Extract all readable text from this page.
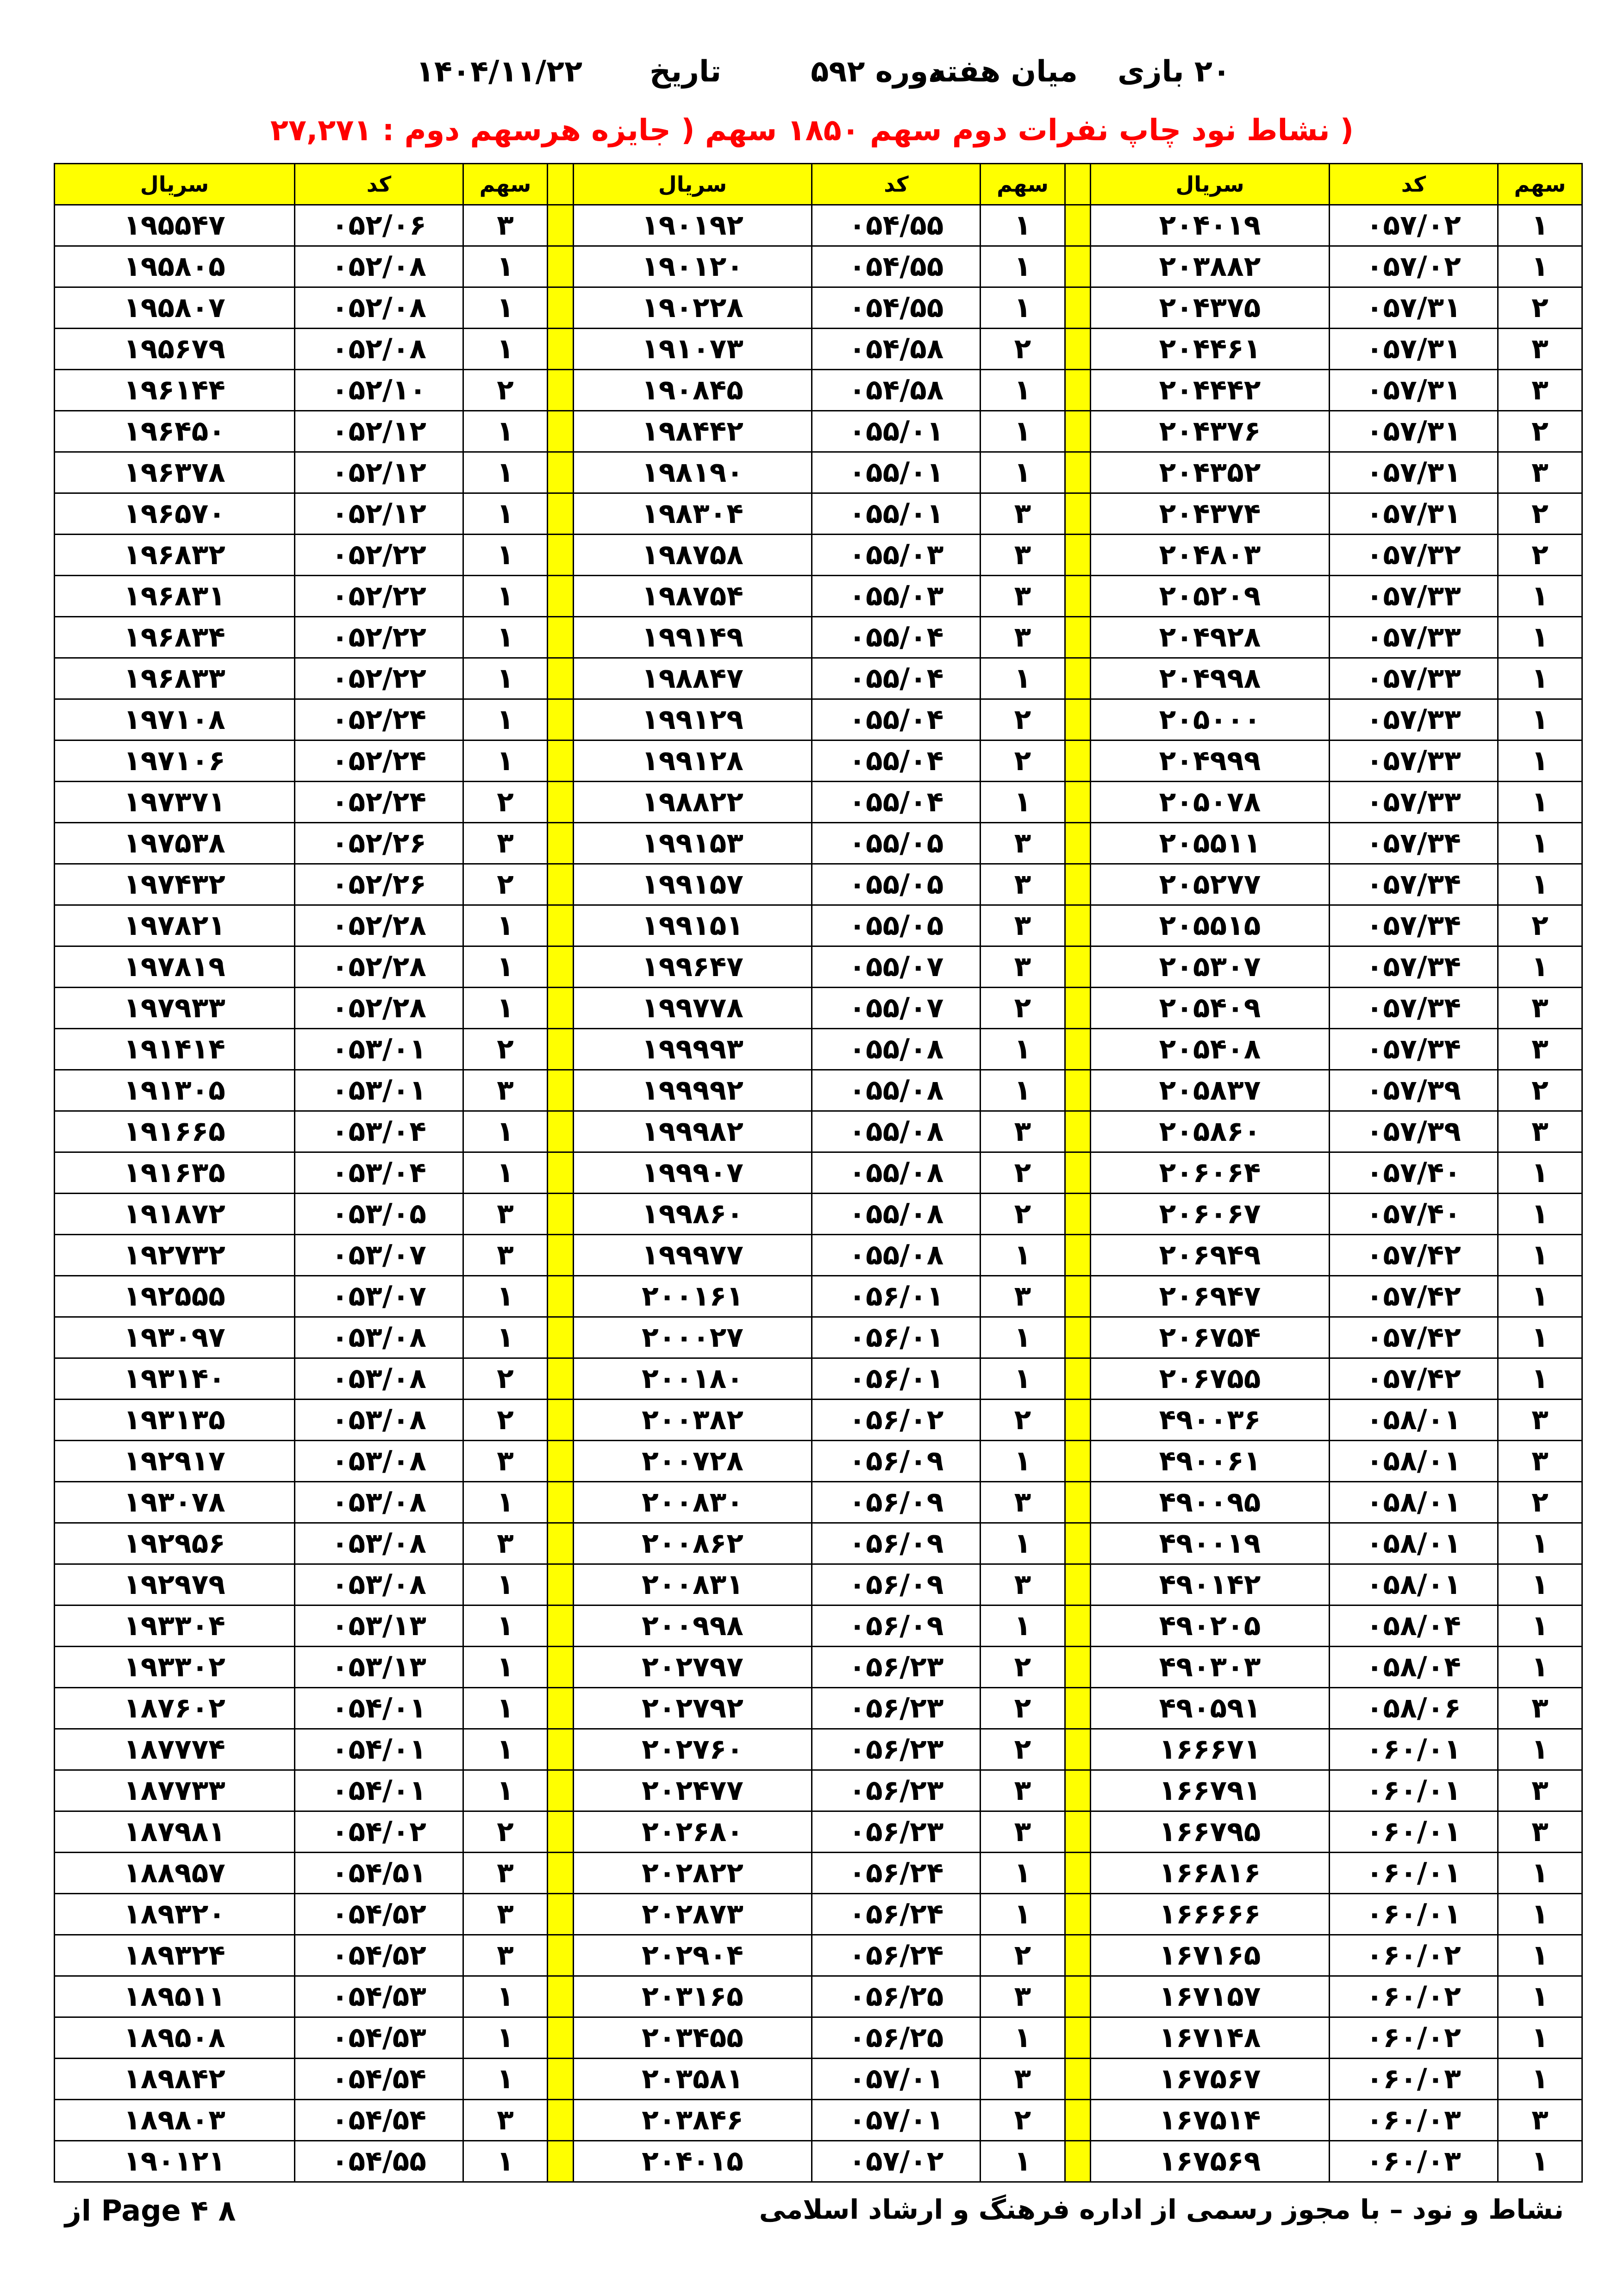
۲۰ بازی
میان هفته
دوره ۵۹۲
تاریخ
۱۴۰۴/۱۱/۲۲
( نشاط نود چاپ نفرات دوم سهم ۱۸۵۰ سهم ( جایزه هرسهم دوم : ۲۷,۲۷۱
سهم	کد	سریال		سهم	کد	سریال		سهم	کد	سریال
۱	۰۵۷/۰۲	۲۰۴۰۱۹		۱	۰۵۴/۵۵	۱۹۰۱۹۲		۳	۰۵۲/۰۶	۱۹۵۵۴۷
۱	۰۵۷/۰۲	۲۰۳۸۸۲		۱	۰۵۴/۵۵	۱۹۰۱۲۰		۱	۰۵۲/۰۸	۱۹۵۸۰۵
۲	۰۵۷/۳۱	۲۰۴۳۷۵		۱	۰۵۴/۵۵	۱۹۰۲۲۸		۱	۰۵۲/۰۸	۱۹۵۸۰۷
۳	۰۵۷/۳۱	۲۰۴۴۶۱		۲	۰۵۴/۵۸	۱۹۱۰۷۳		۱	۰۵۲/۰۸	۱۹۵۶۷۹
۳	۰۵۷/۳۱	۲۰۴۴۴۲		۱	۰۵۴/۵۸	۱۹۰۸۴۵		۲	۰۵۲/۱۰	۱۹۶۱۴۴
۲	۰۵۷/۳۱	۲۰۴۳۷۶		۱	۰۵۵/۰۱	۱۹۸۴۴۲		۱	۰۵۲/۱۲	۱۹۶۴۵۰
۳	۰۵۷/۳۱	۲۰۴۳۵۲		۱	۰۵۵/۰۱	۱۹۸۱۹۰		۱	۰۵۲/۱۲	۱۹۶۳۷۸
۲	۰۵۷/۳۱	۲۰۴۳۷۴		۳	۰۵۵/۰۱	۱۹۸۳۰۴		۱	۰۵۲/۱۲	۱۹۶۵۷۰
۲	۰۵۷/۳۲	۲۰۴۸۰۳		۳	۰۵۵/۰۳	۱۹۸۷۵۸		۱	۰۵۲/۲۲	۱۹۶۸۳۲
۱	۰۵۷/۳۳	۲۰۵۲۰۹		۳	۰۵۵/۰۳	۱۹۸۷۵۴		۱	۰۵۲/۲۲	۱۹۶۸۳۱
۱	۰۵۷/۳۳	۲۰۴۹۲۸		۳	۰۵۵/۰۴	۱۹۹۱۴۹		۱	۰۵۲/۲۲	۱۹۶۸۳۴
۱	۰۵۷/۳۳	۲۰۴۹۹۸		۱	۰۵۵/۰۴	۱۹۸۸۴۷		۱	۰۵۲/۲۲	۱۹۶۸۳۳
۱	۰۵۷/۳۳	۲۰۵۰۰۰		۲	۰۵۵/۰۴	۱۹۹۱۲۹		۱	۰۵۲/۲۴	۱۹۷۱۰۸
۱	۰۵۷/۳۳	۲۰۴۹۹۹		۲	۰۵۵/۰۴	۱۹۹۱۲۸		۱	۰۵۲/۲۴	۱۹۷۱۰۶
۱	۰۵۷/۳۳	۲۰۵۰۷۸		۱	۰۵۵/۰۴	۱۹۸۸۲۲		۲	۰۵۲/۲۴	۱۹۷۳۷۱
۱	۰۵۷/۳۴	۲۰۵۵۱۱		۳	۰۵۵/۰۵	۱۹۹۱۵۳		۳	۰۵۲/۲۶	۱۹۷۵۳۸
۱	۰۵۷/۳۴	۲۰۵۲۷۷		۳	۰۵۵/۰۵	۱۹۹۱۵۷		۲	۰۵۲/۲۶	۱۹۷۴۳۲
۲	۰۵۷/۳۴	۲۰۵۵۱۵		۳	۰۵۵/۰۵	۱۹۹۱۵۱		۱	۰۵۲/۲۸	۱۹۷۸۲۱
۱	۰۵۷/۳۴	۲۰۵۳۰۷		۳	۰۵۵/۰۷	۱۹۹۶۴۷		۱	۰۵۲/۲۸	۱۹۷۸۱۹
۳	۰۵۷/۳۴	۲۰۵۴۰۹		۲	۰۵۵/۰۷	۱۹۹۷۷۸		۱	۰۵۲/۲۸	۱۹۷۹۳۳
۳	۰۵۷/۳۴	۲۰۵۴۰۸		۱	۰۵۵/۰۸	۱۹۹۹۹۳		۲	۰۵۳/۰۱	۱۹۱۴۱۴
۲	۰۵۷/۳۹	۲۰۵۸۳۷		۱	۰۵۵/۰۸	۱۹۹۹۹۲		۳	۰۵۳/۰۱	۱۹۱۳۰۵
۳	۰۵۷/۳۹	۲۰۵۸۶۰		۳	۰۵۵/۰۸	۱۹۹۹۸۲		۱	۰۵۳/۰۴	۱۹۱۶۶۵
۱	۰۵۷/۴۰	۲۰۶۰۶۴		۲	۰۵۵/۰۸	۱۹۹۹۰۷		۱	۰۵۳/۰۴	۱۹۱۶۳۵
۱	۰۵۷/۴۰	۲۰۶۰۶۷		۲	۰۵۵/۰۸	۱۹۹۸۶۰		۳	۰۵۳/۰۵	۱۹۱۸۷۲
۱	۰۵۷/۴۲	۲۰۶۹۴۹		۱	۰۵۵/۰۸	۱۹۹۹۷۷		۳	۰۵۳/۰۷	۱۹۲۷۳۲
۱	۰۵۷/۴۲	۲۰۶۹۴۷		۳	۰۵۶/۰۱	۲۰۰۱۶۱		۱	۰۵۳/۰۷	۱۹۲۵۵۵
۱	۰۵۷/۴۲	۲۰۶۷۵۴		۱	۰۵۶/۰۱	۲۰۰۰۲۷		۱	۰۵۳/۰۸	۱۹۳۰۹۷
۱	۰۵۷/۴۲	۲۰۶۷۵۵		۱	۰۵۶/۰۱	۲۰۰۱۸۰		۲	۰۵۳/۰۸	۱۹۳۱۴۰
۳	۰۵۸/۰۱	۴۹۰۰۳۶		۲	۰۵۶/۰۲	۲۰۰۳۸۲		۲	۰۵۳/۰۸	۱۹۳۱۳۵
۳	۰۵۸/۰۱	۴۹۰۰۶۱		۱	۰۵۶/۰۹	۲۰۰۷۲۸		۳	۰۵۳/۰۸	۱۹۲۹۱۷
۲	۰۵۸/۰۱	۴۹۰۰۹۵		۳	۰۵۶/۰۹	۲۰۰۸۳۰		۱	۰۵۳/۰۸	۱۹۳۰۷۸
۱	۰۵۸/۰۱	۴۹۰۰۱۹		۱	۰۵۶/۰۹	۲۰۰۸۶۲		۳	۰۵۳/۰۸	۱۹۲۹۵۶
۱	۰۵۸/۰۱	۴۹۰۱۴۲		۳	۰۵۶/۰۹	۲۰۰۸۳۱		۱	۰۵۳/۰۸	۱۹۲۹۷۹
۱	۰۵۸/۰۴	۴۹۰۲۰۵		۱	۰۵۶/۰۹	۲۰۰۹۹۸		۱	۰۵۳/۱۳	۱۹۳۳۰۴
۱	۰۵۸/۰۴	۴۹۰۳۰۳		۲	۰۵۶/۲۳	۲۰۲۷۹۷		۱	۰۵۳/۱۳	۱۹۳۳۰۲
۳	۰۵۸/۰۶	۴۹۰۵۹۱		۲	۰۵۶/۲۳	۲۰۲۷۹۲		۱	۰۵۴/۰۱	۱۸۷۶۰۲
۱	۰۶۰/۰۱	۱۶۶۶۷۱		۲	۰۵۶/۲۳	۲۰۲۷۶۰		۱	۰۵۴/۰۱	۱۸۷۷۷۴
۳	۰۶۰/۰۱	۱۶۶۷۹۱		۳	۰۵۶/۲۳	۲۰۲۴۷۷		۱	۰۵۴/۰۱	۱۸۷۷۳۳
۳	۰۶۰/۰۱	۱۶۶۷۹۵		۳	۰۵۶/۲۳	۲۰۲۶۸۰		۲	۰۵۴/۰۲	۱۸۷۹۸۱
۱	۰۶۰/۰۱	۱۶۶۸۱۶		۱	۰۵۶/۲۴	۲۰۲۸۲۲		۳	۰۵۴/۵۱	۱۸۸۹۵۷
۱	۰۶۰/۰۱	۱۶۶۶۶۶		۱	۰۵۶/۲۴	۲۰۲۸۷۳		۳	۰۵۴/۵۲	۱۸۹۳۲۰
۱	۰۶۰/۰۲	۱۶۷۱۶۵		۲	۰۵۶/۲۴	۲۰۲۹۰۴		۳	۰۵۴/۵۲	۱۸۹۳۲۴
۱	۰۶۰/۰۲	۱۶۷۱۵۷		۳	۰۵۶/۲۵	۲۰۳۱۶۵		۱	۰۵۴/۵۳	۱۸۹۵۱۱
۱	۰۶۰/۰۲	۱۶۷۱۴۸		۱	۰۵۶/۲۵	۲۰۳۴۵۵		۱	۰۵۴/۵۳	۱۸۹۵۰۸
۱	۰۶۰/۰۳	۱۶۷۵۶۷		۳	۰۵۷/۰۱	۲۰۳۵۸۱		۱	۰۵۴/۵۴	۱۸۹۸۴۲
۳	۰۶۰/۰۳	۱۶۷۵۱۴		۲	۰۵۷/۰۱	۲۰۳۸۴۶		۳	۰۵۴/۵۴	۱۸۹۸۰۳
۱	۰۶۰/۰۳	۱۶۷۵۶۹		۱	۰۵۷/۰۲	۲۰۴۰۱۵		۱	۰۵۴/۵۵	۱۹۰۱۲۱
نشاط و نود – با مجوز رسمی از اداره فرهنگ و ارشاد اسلامی
Page ۴ ۸ از
